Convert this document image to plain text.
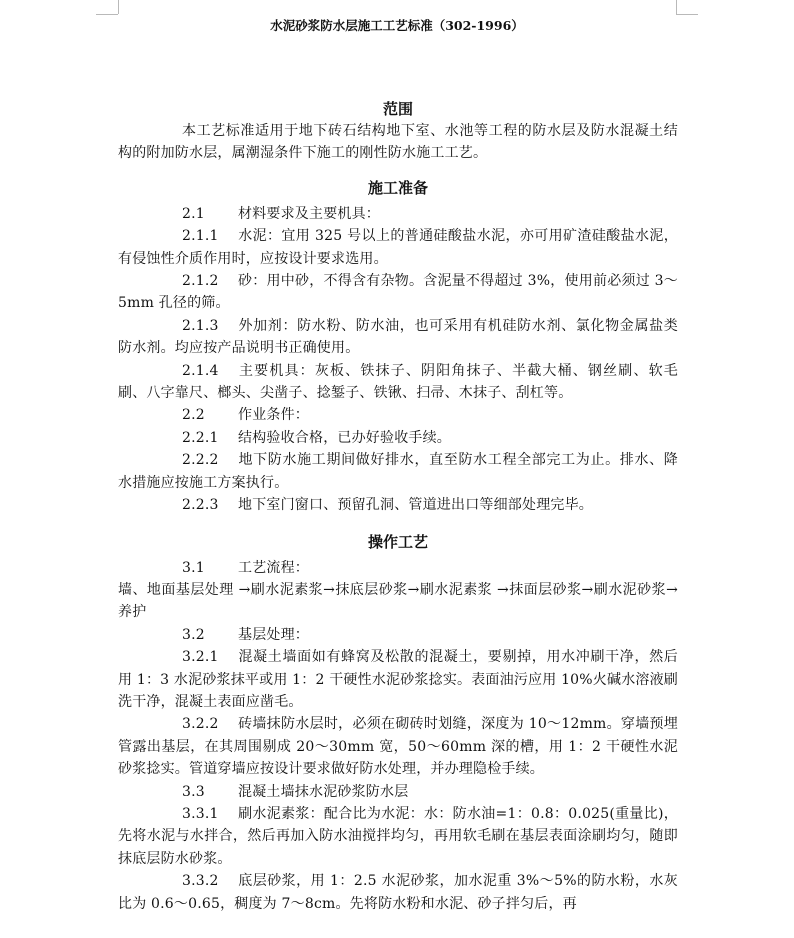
水泥砂浆防水层施工工艺标准（302-1996）
范围
本工艺标准适用于地下砖石结构地下室、水池等工程的防水层及防水混凝土结构的附加防水层，属潮湿条件下施工的刚性防水施工工艺。
施工准备
2.1 材料要求及主要机具：
2.1.1 水泥：宜用 325 号以上的普通硅酸盐水泥，亦可用矿渣硅酸盐水泥，有侵蚀性介质作用时，应按设计要求选用。
2.1.2 砂：用中砂，不得含有杂物。含泥量不得超过 3%，使用前必须过 3～5mm 孔径的筛。
2.1.3 外加剂：防水粉、防水油，也可采用有机硅防水剂、氯化物金属盐类防水剂。均应按产品说明书正确使用。
2.1.4 主要机具：灰板、铁抹子、阴阳角抹子、半截大桶、钢丝刷、软毛刷、八字靠尺、榔头、尖凿子、捻錾子、铁锹、扫帚、木抹子、刮杠等。
2.2 作业条件：
2.2.1 结构验收合格，已办好验收手续。
2.2.2 地下防水施工期间做好排水，直至防水工程全部完工为止。排水、降水措施应按施工方案执行。
2.2.3 地下室门窗口、预留孔洞、管道进出口等细部处理完毕。
操作工艺
3.1 工艺流程：
墙、地面基层处理 →刷水泥素浆→抹底层砂浆→刷水泥素浆 →抹面层砂浆→刷水泥砂浆→养护
3.2 基层处理：
3.2.1 混凝土墙面如有蜂窝及松散的混凝土，要剔掉，用水冲刷干净，然后用 1：3 水泥砂浆抹平或用 1：2 干硬性水泥砂浆捻实。表面油污应用 10%火碱水溶液刷洗干净，混凝土表面应凿毛。
3.2.2 砖墙抹防水层时，必须在砌砖时划缝，深度为 10～12mm。穿墙预埋管露出基层，在其周围剔成 20～30mm 宽，50～60mm 深的槽，用 1：2 干硬性水泥砂浆捻实。管道穿墙应按设计要求做好防水处理，并办理隐检手续。
3.3 混凝土墙抹水泥砂浆防水层
3.3.1 刷水泥素浆：配合比为水泥：水：防水油=1：0.8：0.025(重量比)，先将水泥与水拌合，然后再加入防水油搅拌均匀，再用软毛刷在基层表面涂刷均匀，随即抹底层防水砂浆。
3.3.2 底层砂浆，用 1：2.5 水泥砂浆，加水泥重 3%～5%的防水粉，水灰比为 0.6～0.65，稠度为 7～8cm。先将防水粉和水泥、砂子拌匀后，再
